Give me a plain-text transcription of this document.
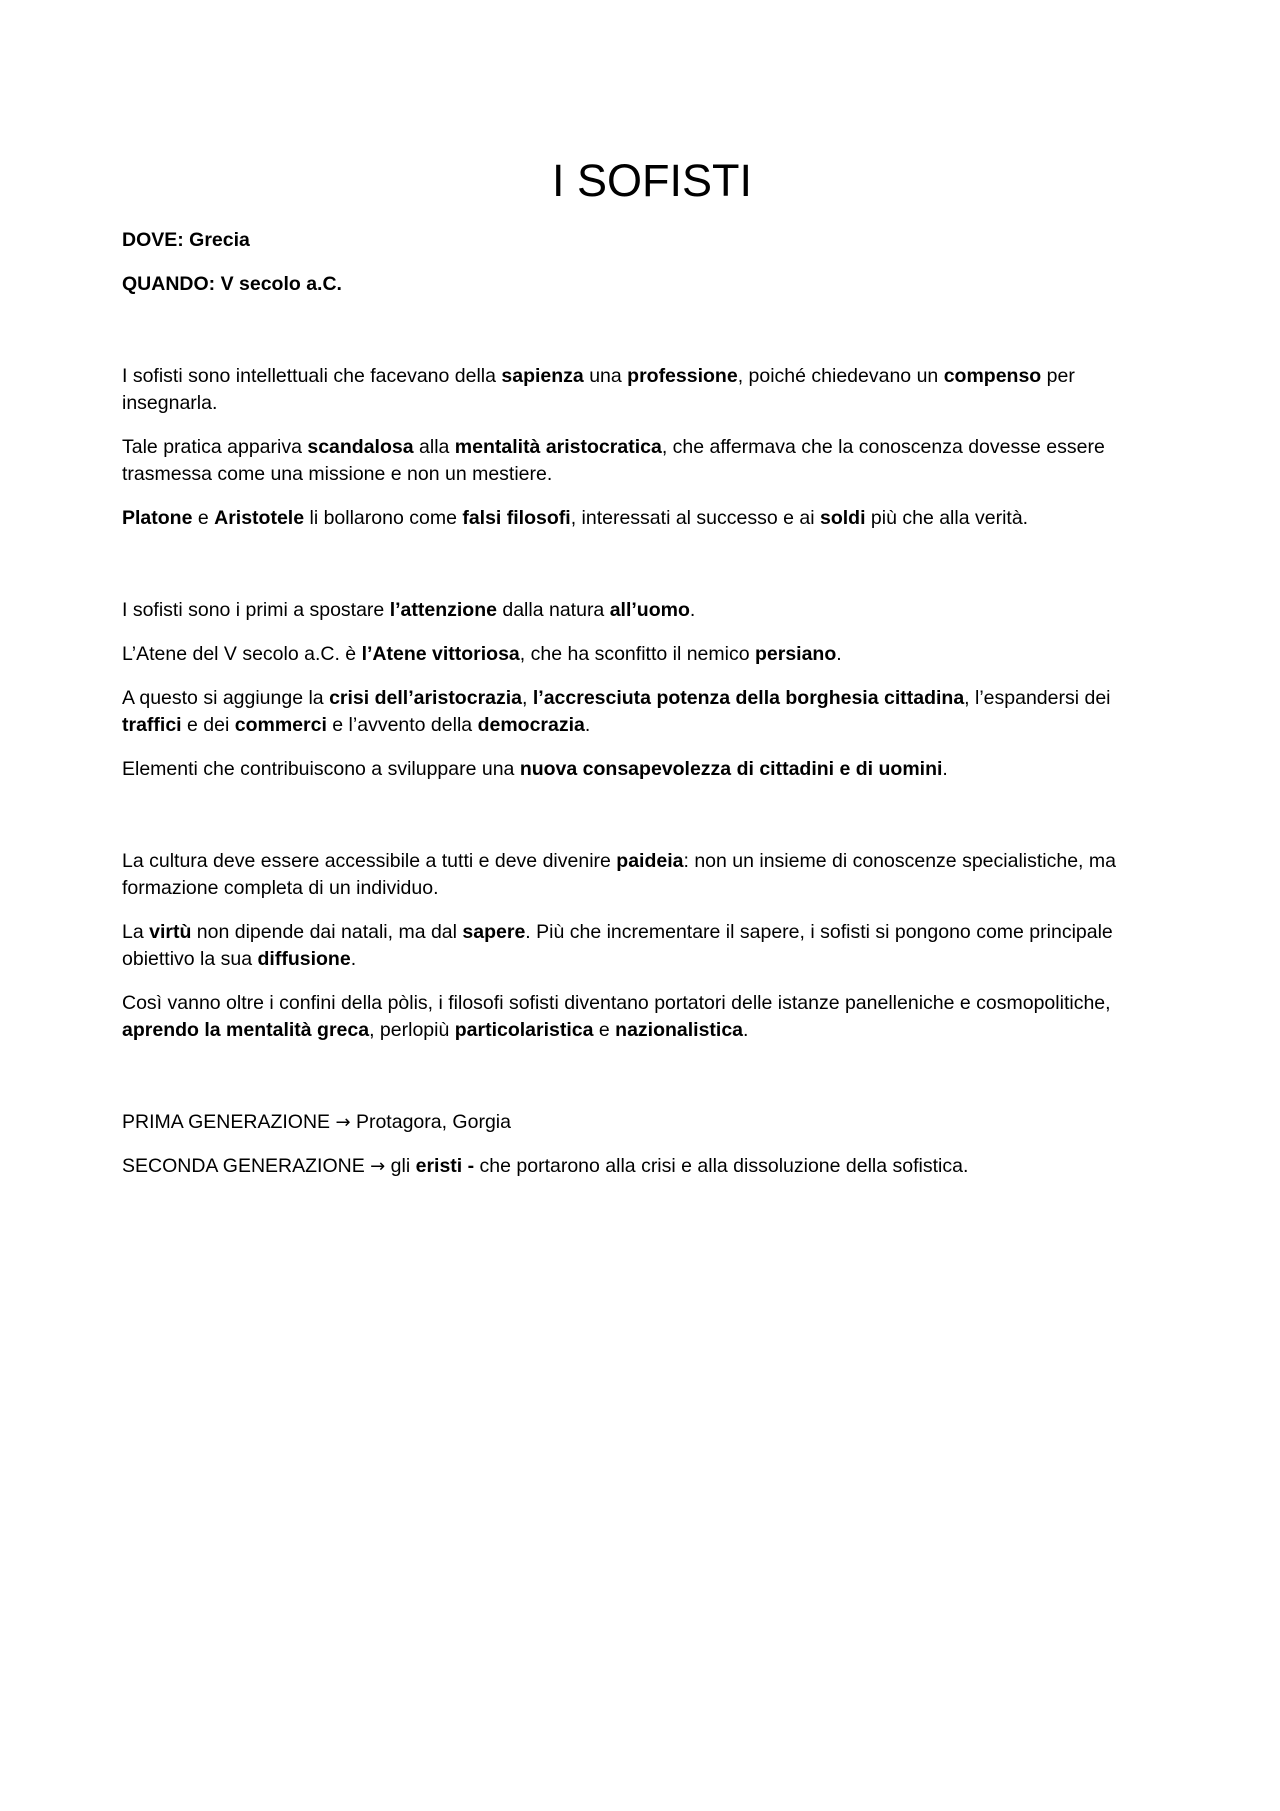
I SOFISTI

DOVE: Grecia

QUANDO: V secolo a.C.

I sofisti sono intellettuali che facevano della sapienza una professione, poiché chiedevano un compenso per insegnarla.

Tale pratica appariva scandalosa alla mentalità aristocratica, che affermava che la conoscenza dovesse essere trasmessa come una missione e non un mestiere.

Platone e Aristotele li bollarono come falsi filosofi, interessati al successo e ai soldi più che alla verità.

I sofisti sono i primi a spostare l’attenzione dalla natura all’uomo.

L’Atene del V secolo a.C. è l’Atene vittoriosa, che ha sconfitto il nemico persiano.

A questo si aggiunge la crisi dell’aristocrazia, l’accresciuta potenza della borghesia cittadina, l’espandersi dei traffici e dei commerci e l’avvento della democrazia.

Elementi che contribuiscono a sviluppare una nuova consapevolezza di cittadini e di uomini.

La cultura deve essere accessibile a tutti e deve divenire paideia: non un insieme di conoscenze specialistiche, ma formazione completa di un individuo.

La virtù non dipende dai natali, ma dal sapere. Più che incrementare il sapere, i sofisti si pongono come principale obiettivo la sua diffusione.

Così vanno oltre i confini della pòlis, i filosofi sofisti diventano portatori delle istanze panelleniche e cosmopolitiche, aprendo la mentalità greca, perlopiù particolaristica e nazionalistica.

PRIMA GENERAZIONE → Protagora, Gorgia

SECONDA GENERAZIONE → gli eristi - che portarono alla crisi e alla dissoluzione della sofistica.
